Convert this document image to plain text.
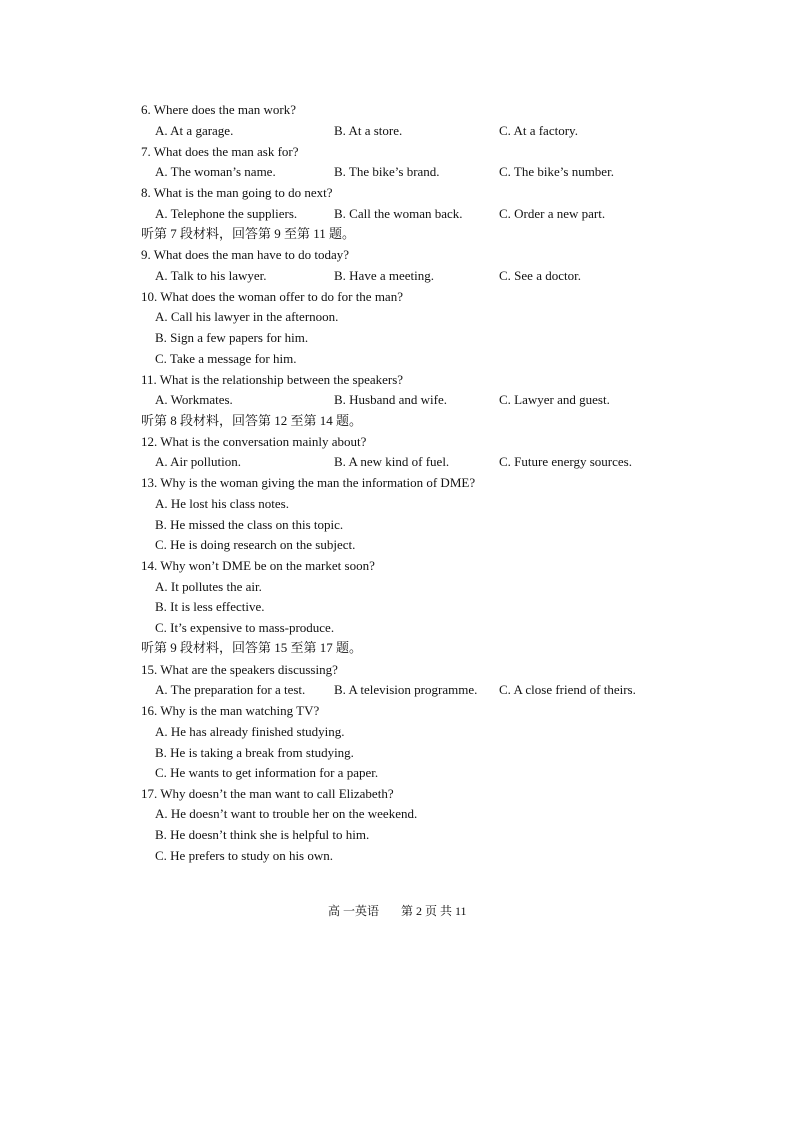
6. Where does the man work?
A. At a garage.	B. At a store.	C. At a factory.
7. What does the man ask for?
A. The woman’s name.	B. The bike’s brand.	C. The bike’s number.
8. What is the man going to do next?
A. Telephone the suppliers.	B. Call the woman back.	C. Order a new part.
听第 7 段材料，回答第 9 至第 11 题。
9. What does the man have to do today?
A. Talk to his lawyer.	B. Have a meeting.	C. See a doctor.
10. What does the woman offer to do for the man?
A. Call his lawyer in the afternoon.
B. Sign a few papers for him.
C. Take a message for him.
11. What is the relationship between the speakers?
A. Workmates.	B. Husband and wife.	C. Lawyer and guest.
听第 8 段材料，回答第 12 至第 14 题。
12. What is the conversation mainly about?
A. Air pollution.	B. A new kind of fuel.	C. Future energy sources.
13. Why is the woman giving the man the information of DME?
A. He lost his class notes.
B. He missed the class on this topic.
C. He is doing research on the subject.
14. Why won’t DME be on the market soon?
A. It pollutes the air.
B. It is less effective.
C. It’s expensive to mass-produce.
听第 9 段材料，回答第 15 至第 17 题。
15. What are the speakers discussing?
A. The preparation for a test. B. A television programme. C. A close friend of theirs.
16. Why is the man watching TV?
A. He has already finished studying.
B. He is taking a break from studying.
C. He wants to get information for a paper.
17. Why doesn’t the man want to call Elizabeth?
A. He doesn’t want to trouble her on the weekend.
B. He doesn’t think she is helpful to him.
C. He prefers to study on his own.
高 一英语 第 2 页 共 11
